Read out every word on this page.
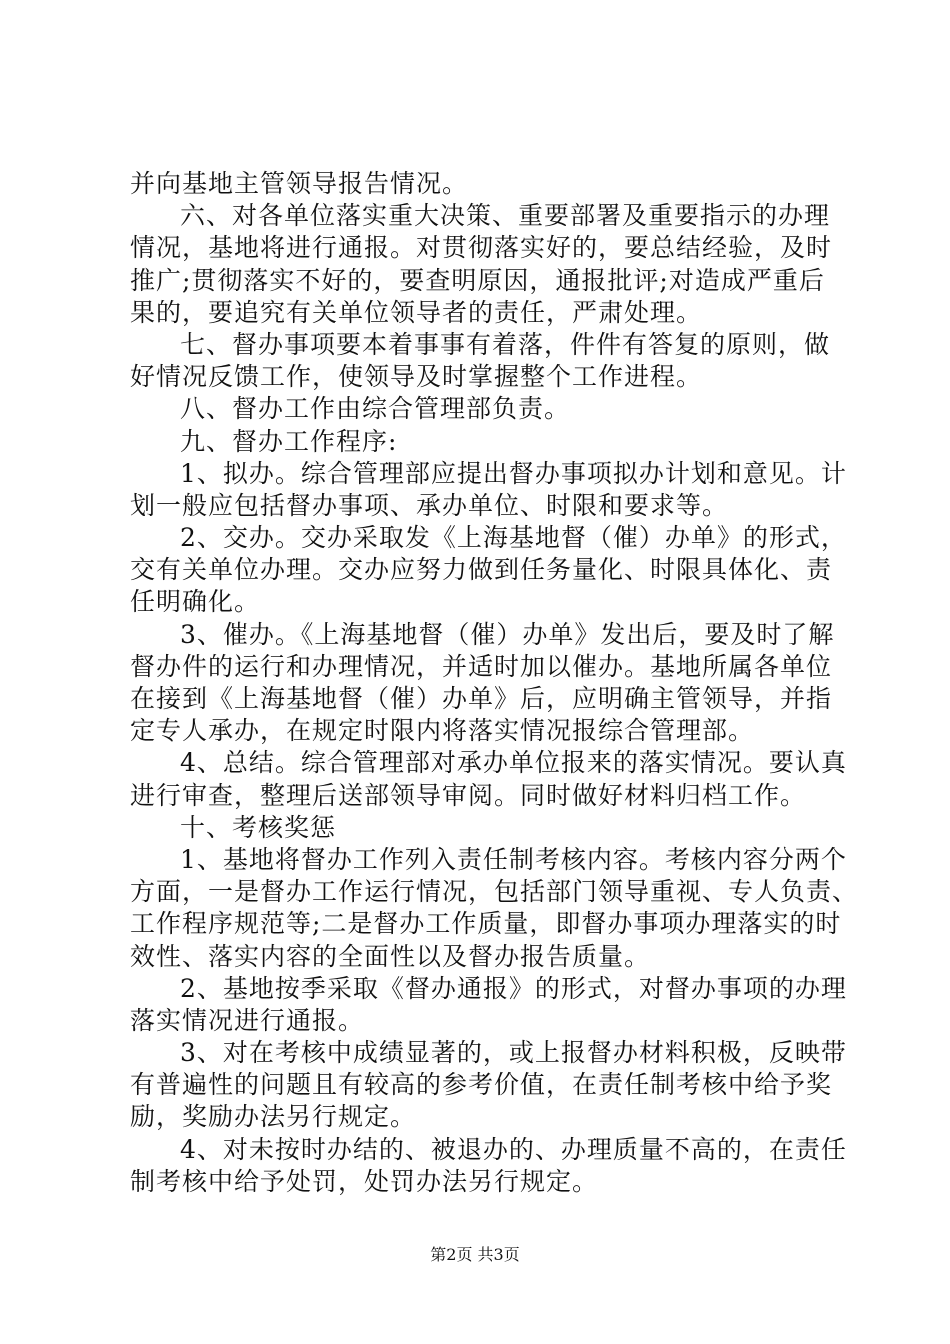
并向基地主管领导报告情况。
六、对各单位落实重大决策、重要部署及重要指示的办理
情况，基地将进行通报。对贯彻落实好的，要总结经验，及时
推广;贯彻落实不好的，要查明原因，通报批评;对造成严重后
果的，要追究有关单位领导者的责任，严肃处理。
七、督办事项要本着事事有着落，件件有答复的原则，做
好情况反馈工作，使领导及时掌握整个工作进程。
八、督办工作由综合管理部负责。
九、督办工作程序:
1、拟办。综合管理部应提出督办事项拟办计划和意见。计
划一般应包括督办事项、承办单位、时限和要求等。
2、交办。交办采取发《上海基地督（催）办单》的形式，
交有关单位办理。交办应努力做到任务量化、时限具体化、责
任明确化。
3、催办。《上海基地督（催）办单》发出后，要及时了解
督办件的运行和办理情况，并适时加以催办。基地所属各单位
在接到《上海基地督（催）办单》后，应明确主管领导，并指
定专人承办，在规定时限内将落实情况报综合管理部。
4、总结。综合管理部对承办单位报来的落实情况。要认真
进行审查，整理后送部领导审阅。同时做好材料归档工作。
十、考核奖惩
1、基地将督办工作列入责任制考核内容。考核内容分两个
方面，一是督办工作运行情况，包括部门领导重视、专人负责、
工作程序规范等;二是督办工作质量，即督办事项办理落实的时
效性、落实内容的全面性以及督办报告质量。
2、基地按季采取《督办通报》的形式，对督办事项的办理
落实情况进行通报。
3、对在考核中成绩显著的，或上报督办材料积极，反映带
有普遍性的问题且有较高的参考价值，在责任制考核中给予奖
励，奖励办法另行规定。
4、对未按时办结的、被退办的、办理质量不高的，在责任
制考核中给予处罚，处罚办法另行规定。
第2页 共3页
